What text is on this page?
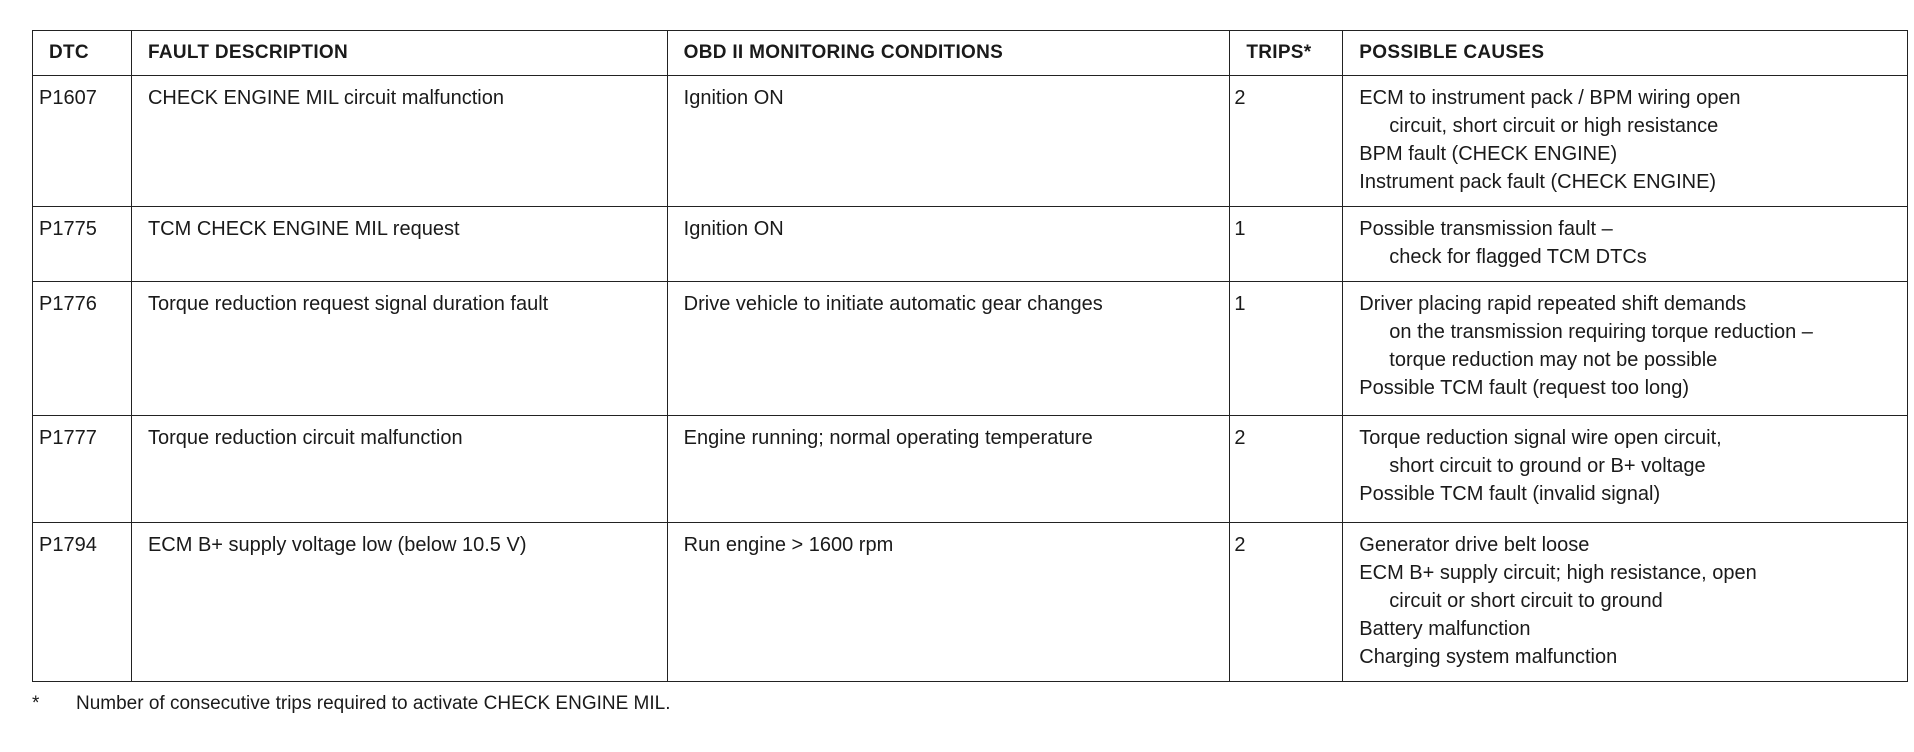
DTC	FAULT DESCRIPTION	OBD II MONITORING CONDITIONS	TRIPS*	POSSIBLE CAUSES

P1607	CHECK ENGINE MIL circuit malfunction	Ignition ON	2	ECM to instrument pack / BPM wiring open
circuit, short circuit or high resistance
BPM fault (CHECK ENGINE)
Instrument pack fault (CHECK ENGINE)

P1775	TCM CHECK ENGINE MIL request	Ignition ON	1	Possible transmission fault –
check for flagged TCM DTCs

P1776	Torque reduction request signal duration fault	Drive vehicle to initiate automatic gear changes	1	Driver placing rapid repeated shift demands
on the transmission requiring torque reduction –
torque reduction may not be possible
Possible TCM fault (request too long)

P1777	Torque reduction circuit malfunction	Engine running; normal operating temperature	2	Torque reduction signal wire open circuit,
short circuit to ground or B+ voltage
Possible TCM fault (invalid signal)

P1794	ECM B+ supply voltage low (below 10.5 V)	Run engine > 1600 rpm	2	Generator drive belt loose
ECM B+ supply circuit; high resistance, open
circuit or short circuit to ground
Battery malfunction
Charging system malfunction
* Number of consecutive trips required to activate CHECK ENGINE MIL.
